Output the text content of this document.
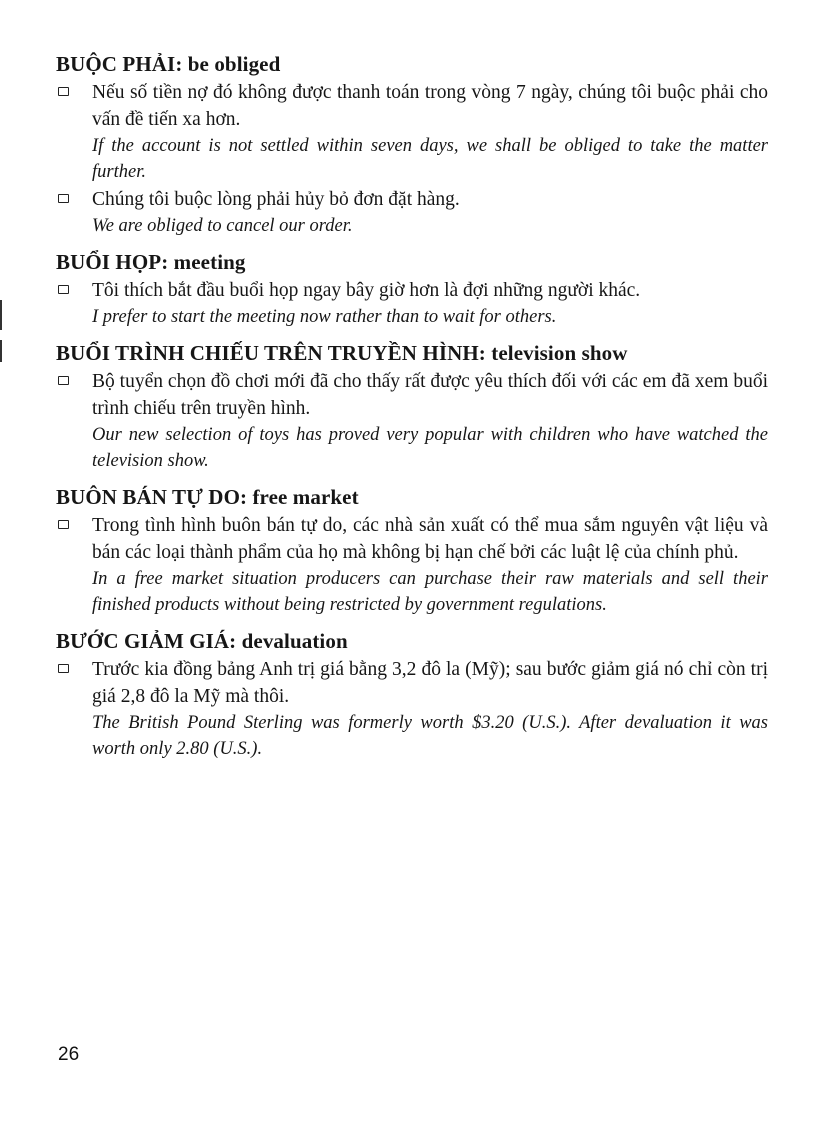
BUỘC PHẢI: be obliged

Nếu số tiền nợ đó không được thanh toán trong vòng 7 ngày, chúng tôi buộc phải cho vấn đề tiến xa hơn.

If the account is not settled within seven days, we shall be obliged to take the matter further.

Chúng tôi buộc lòng phải hủy bỏ đơn đặt hàng.

We are obliged to cancel our order.

BUỔI HỌP: meeting

Tôi thích bắt đầu buổi họp ngay bây giờ hơn là đợi những người khác.

I prefer to start the meeting now rather than to wait for others.

BUỔI TRÌNH CHIẾU TRÊN TRUYỀN HÌNH: television show

Bộ tuyển chọn đồ chơi mới đã cho thấy rất được yêu thích đối với các em đã xem buổi trình chiếu trên truyền hình.

Our new selection of toys has proved very popular with children who have watched the television show.

BUÔN BÁN TỰ DO: free market

Trong tình hình buôn bán tự do, các nhà sản xuất có thể mua sắm nguyên vật liệu và bán các loại thành phẩm của họ mà không bị hạn chế bởi các luật lệ của chính phủ.

In a free market situation producers can purchase their raw materials and sell their finished products without being restricted by government regulations.

BƯỚC GIẢM GIÁ: devaluation

Trước kia đồng bảng Anh trị giá bằng 3,2 đô la (Mỹ); sau bước giảm giá nó chỉ còn trị giá 2,8 đô la Mỹ mà thôi.

The British Pound Sterling was formerly worth $3.20 (U.S.). After devaluation it was worth only 2.80 (U.S.).

26
